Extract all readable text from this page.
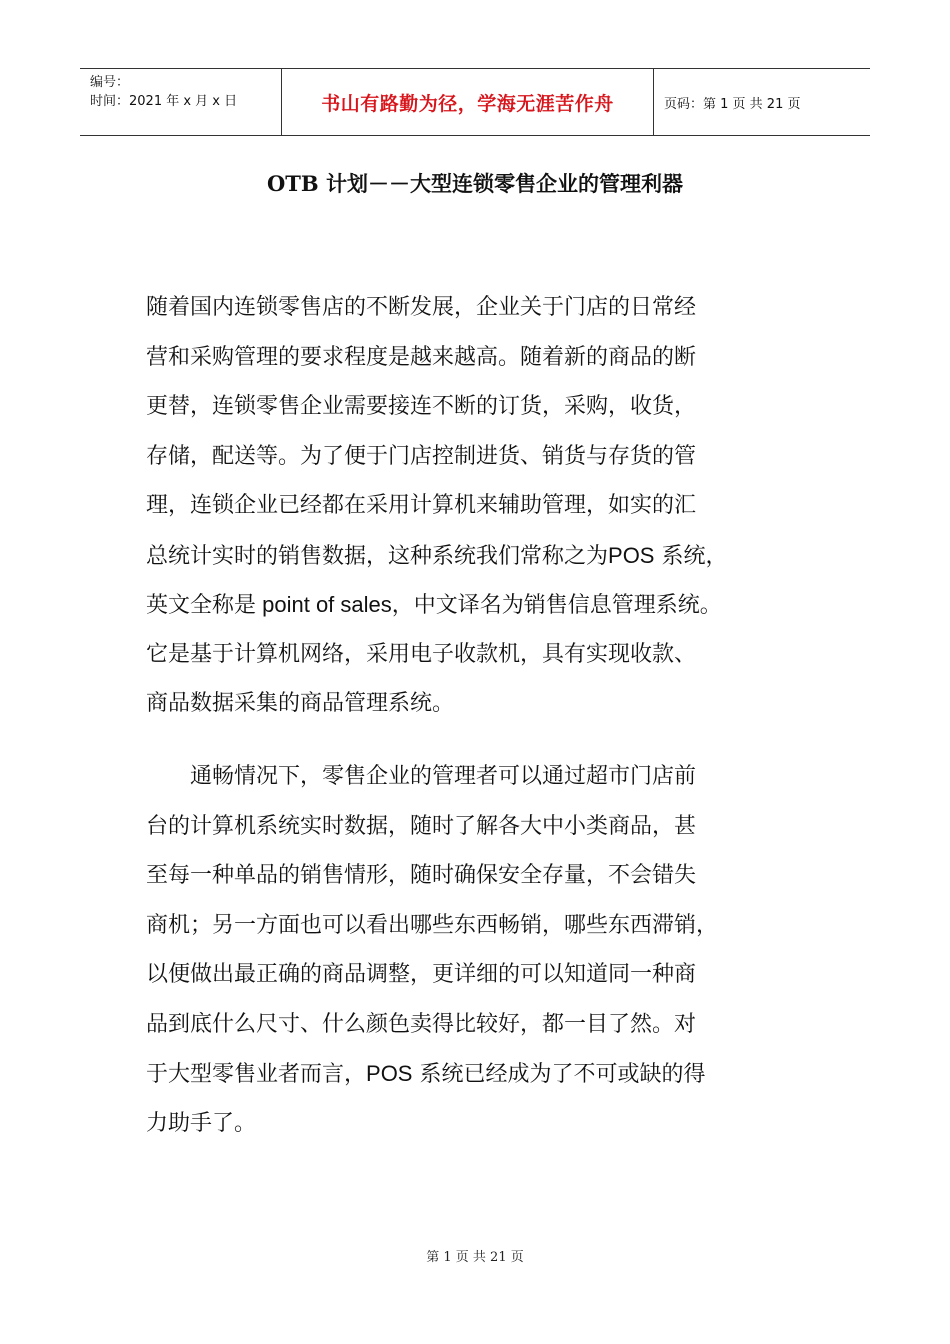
编号：
时间：2021 年 x 月 x 日	书山有路勤为径，学海无涯苦作舟	页码：第 1 页 共 21 页
OTB 计划－－大型连锁零售企业的管理利器
随着国内连锁零售店的不断发展，企业关于门店的日常经
营和采购管理的要求程度是越来越高。随着新的商品的断
更替，连锁零售企业需要接连不断的订货，采购，收货，
存储，配送等。为了便于门店控制进货、销货与存货的管
理，连锁企业已经都在采用计算机来辅助管理，如实的汇
总统计实时的销售数据，这种系统我们常称之为POS 系统，
英文全称是 point of sales，中文译名为销售信息管理系统。
它是基于计算机网络，采用电子收款机，具有实现收款、
商品数据采集的商品管理系统。
　　通畅情况下，零售企业的管理者可以通过超市门店前
台的计算机系统实时数据，随时了解各大中小类商品，甚
至每一种单品的销售情形，随时确保安全存量，不会错失
商机；另一方面也可以看出哪些东西畅销，哪些东西滞销，
以便做出最正确的商品调整，更详细的可以知道同一种商
品到底什么尺寸、什么颜色卖得比较好，都一目了然。对
于大型零售业者而言，POS 系统已经成为了不可或缺的得
力助手了。
第 1 页 共 21 页
